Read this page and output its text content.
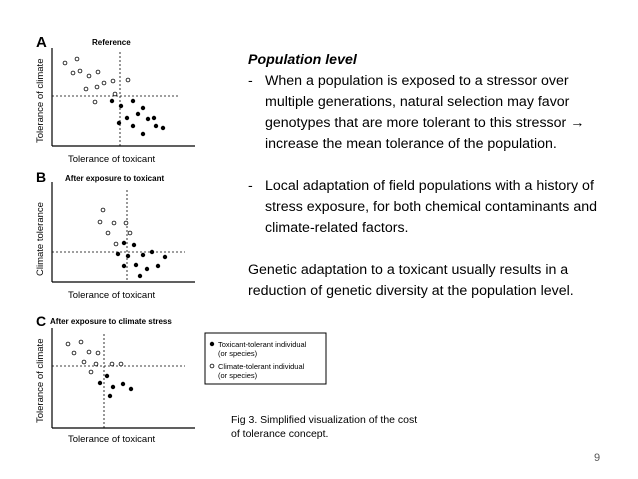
A	Reference
Tolerance of climate
Tolerance of toxicant
B After exposure to toxicant
Climate tolerance
Tolerance of toxicant
C After exposure to climate stress
Tolerance of climate
Tolerance of toxicant
Toxicant-tolerant individual
(or species)
Climate-tolerant individual
(or species)

Population level

- When a population is exposed to a stressor over

multiple generations, natural selection may favor

genotypes that are more tolerant to this stressor →

increase the mean tolerance of the population.

- Local adaptation of field populations with a history of

stress exposure, for both chemical contaminants and

climate-related factors.

Genetic adaptation to a toxicant usually results in a

reduction of genetic diversity at the population level.

Fig 3. Simplified visualization of the cost
of tolerance concept.
9
